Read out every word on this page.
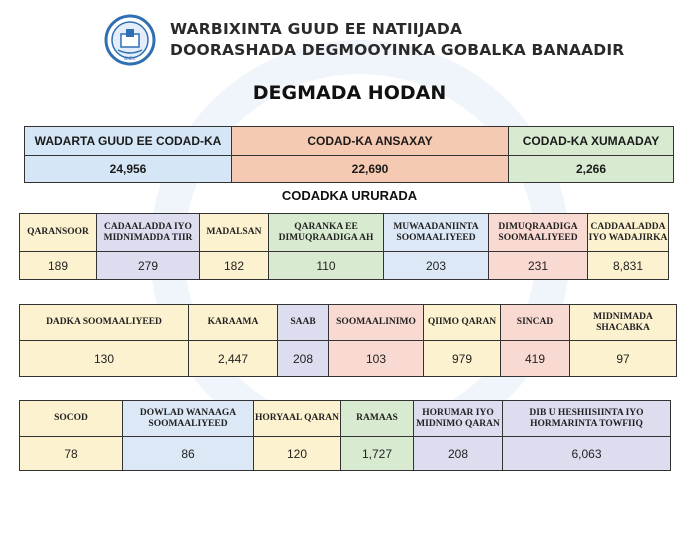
BIIEC
WARBIXINTA GUUD EE NATIIJADA
DOORASHADA DEGMOOYINKA GOBALKA BANAADIR
DEGMADA HODAN
WADARTA GUUD EE CODAD-KA	CODAD-KA ANSAXAY	CODAD-KA XUMAADAY
24,956	22,690	2,266
CODADKA URURADA
QARANSOOR	CADAALADDA IYO MIDNIMADDA TIIR	MADALSAN	QARANKA EE DIMUQRAADIGA AH	MUWAADANIINTA SOOMAALIYEED	DIMUQRAADIGA SOOMAALIYEED	CADDAALADDA IYO WADAJIRKA
189	279	182	110	203	231	8,831
DADKA SOOMAALIYEED	KARAAMA	SAAB	SOOMAALINIMO	QIIMO QARAN	SINCAD	MIDNIMADA SHACABKA
130	2,447	208	103	979	419	97
SOCOD	DOWLAD WANAAGA SOOMAALIYEED	HORYAAL QARAN	RAMAAS	HORUMAR IYO MIDNIMO QARAN	DIB U HESHIISIINTA IYO HORMARINTA TOWFIIQ
78	86	120	1,727	208	6,063
